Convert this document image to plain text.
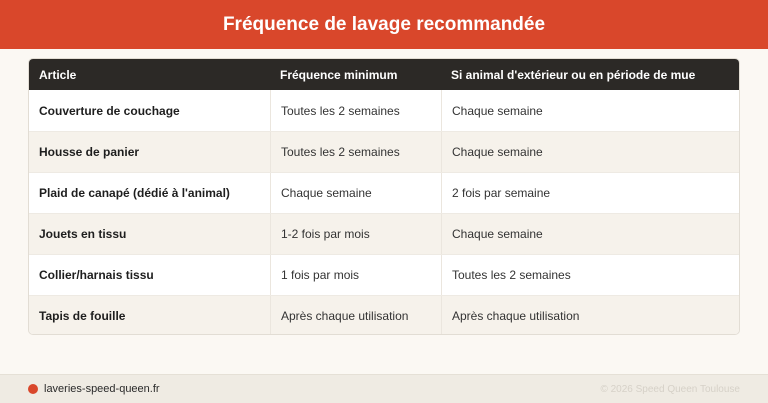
Fréquence de lavage recommandée
Article	Fréquence minimum	Si animal d'extérieur ou en période de mue
Couverture de couchage	Toutes les 2 semaines	Chaque semaine
Housse de panier	Toutes les 2 semaines	Chaque semaine
Plaid de canapé (dédié à l'animal)	Chaque semaine	2 fois par semaine
Jouets en tissu	1-2 fois par mois	Chaque semaine
Collier/harnais tissu	1 fois par mois	Toutes les 2 semaines
Tapis de fouille	Après chaque utilisation	Après chaque utilisation
laveries-speed-queen.fr	© 2026 Speed Queen Toulouse
